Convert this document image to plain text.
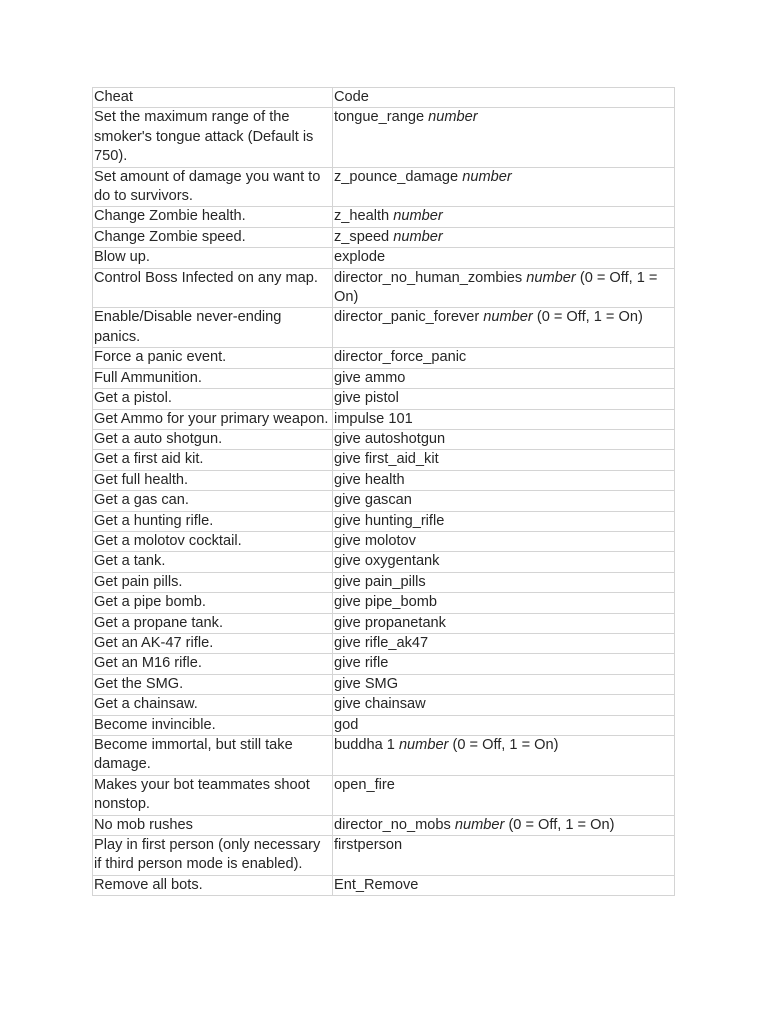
Cheat	Code
Set the maximum range of the smoker's tongue attack (Default is 750).	tongue_range number
Set amount of damage you want to do to survivors.	z_pounce_damage number
Change Zombie health.	z_health number
Change Zombie speed.	z_speed number
Blow up.	explode
Control Boss Infected on any map.	director_no_human_zombies number (0 = Off, 1 = On)
Enable/Disable never-ending panics.	director_panic_forever number (0 = Off, 1 = On)
Force a panic event.	director_force_panic
Full Ammunition.	give ammo
Get a pistol.	give pistol
Get Ammo for your primary weapon.	impulse 101
Get a auto shotgun.	give autoshotgun
Get a first aid kit.	give first_aid_kit
Get full health.	give health
Get a gas can.	give gascan
Get a hunting rifle.	give hunting_rifle
Get a molotov cocktail.	give molotov
Get a tank.	give oxygentank
Get pain pills.	give pain_pills
Get a pipe bomb.	give pipe_bomb
Get a propane tank.	give propanetank
Get an AK-47 rifle.	give rifle_ak47
Get an M16 rifle.	give rifle
Get the SMG.	give SMG
Get a chainsaw.	give chainsaw
Become invincible.	god
Become immortal, but still take damage.	buddha 1 number (0 = Off, 1 = On)
Makes your bot teammates shoot nonstop.	open_fire
No mob rushes	director_no_mobs number (0 = Off, 1 = On)
Play in first person (only necessary if third person mode is enabled).	firstperson
Remove all bots.	Ent_Remove
